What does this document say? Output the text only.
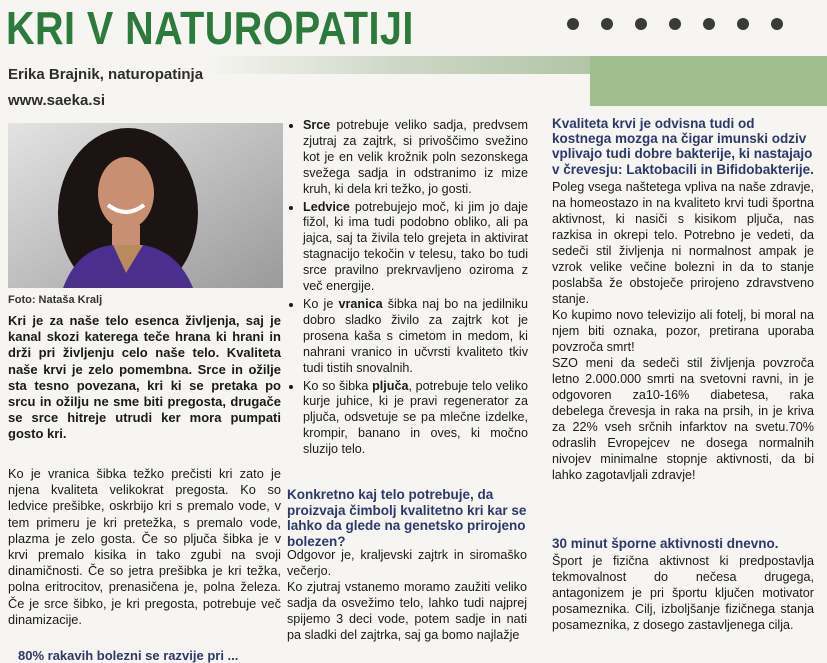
KRI V NATUROPATIJI
Erika Brajnik, naturopatinja
www.saeka.si
Foto: Nataša Kralj
Kri je za naše telo esenca življenja, saj je kanal skozi katerega teče hrana ki hrani in drži pri življenju celo naše telo. Kvaliteta naše krvi je zelo pomembna. Srce in ožilje sta tesno povezana, kri ki se pretaka po srcu in ožilju ne sme biti pregosta, drugače se srce hitreje utrudi ker mora pumpati gosto kri.
Ko je vranica šibka težko prečisti kri zato je njena kvaliteta velikokrat pregosta. Ko so ledvice prešibke, oskrbijo kri s premalo vode, v tem primeru je kri pretežka, s premalo vode, plazma je zelo gosta. Če so pljuča šibka je v krvi premalo kisika in tako zgubi na svoji dinamičnosti. Če so jetra prešibka je kri težka, polna eritrocitov, prenasičena je, polna železa. Če je srce šibko, je kri pregosta, potrebuje več dinamizacije.
80% rakavih bolezni se razvije pri ...
• Srce potrebuje veliko sadja, predvsem zjutraj za zajtrk, si privoščimo svežino kot je en velik krožnik poln sezonskega svežega sadja in odstranimo iz mize kruh, ki dela kri težko, jo gosti.
• Ledvice potrebujejo moč, ki jim jo daje fižol, ki ima tudi podobno obliko, ali pa jajca, saj ta živila telo grejeta in aktivirat stagnacijo tekočin v telesu, tako bo tudi srce pravilno prekrvavljeno oziroma z več energije.
• Ko je vranica šibka naj bo na jedilniku dobro sladko živilo za zajtrk kot je prosena kaša s cimetom in medom, ki nahrani vranico in učvrsti kvaliteto tkiv tudi tistih snovalnih.
• Ko so šibka pljuča, potrebuje telo veliko kurje juhice, ki je pravi regenerator za pljuča, odsvetuje se pa mlečne izdelke, krompir, banano in oves, ki močno sluzijo telo.
Konkretno kaj telo potrebuje, da proizvaja čimbolj kvalitetno kri kar se lahko da glede na genetsko prirojeno bolezen?
Odgovor je, kraljevski zajtrk in siromaško večerjo.
Ko zjutraj vstanemo moramo zaužiti veliko sadja da osvežimo telo, lahko tudi najprej spijemo 3 deci vode, potem sadje in nati pa sladki del zajtrka, saj ga bomo najlažje
Kvaliteta krvi je odvisna tudi od kostnega mozga na čigar imunski odziv vplivajo tudi dobre bakterije, ki nastajajo v črevesju: Laktobacili in Bifidobakterije.
Poleg vsega naštetega vpliva na naše zdravje, na homeostazo in na kvaliteto krvi tudi športna aktivnost, ki nasiči s kisikom pljuča, nas razkisa in okrepi telo. Potrebno je vedeti, da sedeči stil življenja ni normalnost ampak je vzrok velike večine bolezni in da to stanje poslabša že obstoječe prirojeno zdravstveno stanje.
Ko kupimo novo televizijo ali fotelj, bi moral na njem biti oznaka, pozor, pretirana uporaba povzroča smrt!
SZO meni da sedeči stil življenja povzroča letno 2.000.000 smrti na svetovni ravni, in je odgovoren za10-16% diabetesa, raka debelega črevesja in raka na prsih, in je kriva za 22% vseh srčnih infarktov na svetu.70% odraslih Evropejcev ne dosega normalnih nivojev minimalne stopnje aktivnosti, da bi lahko zagotavljali zdravje!
30 minut šporne aktivnosti dnevno.
Šport je fizična aktivnost ki predpostavlja tekmovalnost do nečesa drugega, antagonizem je pri športu ključen motivator posameznika. Cilj, izboljšanje fizičnega stanja posameznika, z dosego zastavljenega cilja.
